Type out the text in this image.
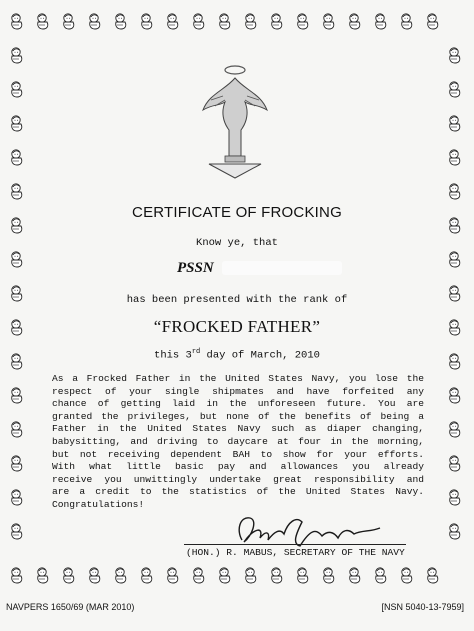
CERTIFICATE OF FROCKING
Know ye, that
PSSN
has been presented with the rank of
“FROCKED FATHER”
this 3rd day of March, 2010
As a Frocked Father in the United States Navy, you lose the
respect of your single shipmates and have forfeited any
chance of getting laid in the unforeseen future. You are
granted the privileges, but none of the benefits of being a
Father in the United States Navy such as diaper changing,
babysitting, and driving to daycare at four in the morning,
but not receiving dependent BAH to show for your efforts.
With what little basic pay and allowances you already
receive you unwittingly undertake great responsibility and
are a credit to the statistics of the United States Navy.
Congratulations!
(HON.) R. MABUS, SECRETARY OF THE NAVY
NAVPERS 1650/69 (MAR 2010)	[NSN 5040-13-7959]
